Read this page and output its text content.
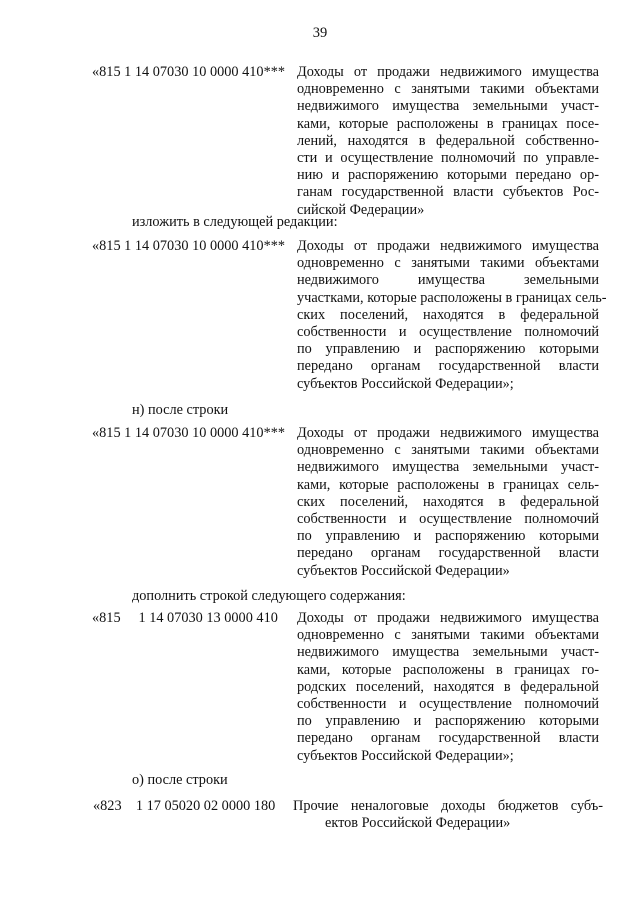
39
«815 1 14 07030 10 0000 410*** Доходы от продажи недвижимого имущества
одновременно с занятыми такими объектами
недвижимого имущества земельными участ-
ками, которые расположены в границах посе-
лений, находятся в федеральной собственно-
сти и осуществление полномочий по управле-
нию и распоряжению которыми передано ор-
ганам государственной власти субъектов Рос-
сийской Федерации»
изложить в следующей редакции:
«815 1 14 07030 10 0000 410*** Доходы от продажи недвижимого имущества
одновременно с занятыми такими объектами
недвижимого имущества земельными
участками, которые расположены в границах сель-
ских поселений, находятся в федеральной
собственности и осуществление полномочий
по управлению и распоряжению которыми
передано органам государственной власти
субъектов Российской Федерации»;
н) после строки
«815 1 14 07030 10 0000 410*** Доходы от продажи недвижимого имущества
одновременно с занятыми такими объектами
недвижимого имущества земельными участ-
ками, которые расположены в границах сель-
ских поселений, находятся в федеральной
собственности и осуществление полномочий
по управлению и распоряжению которыми
передано органам государственной власти
субъектов Российской Федерации»
дополнить строкой следующего содержания:
«815     1 14 07030 13 0000 410 Доходы от продажи недвижимого имущества
одновременно с занятыми такими объектами
недвижимого имущества земельными участ-
ками, которые расположены в границах го-
родских поселений, находятся в федеральной
собственности и осуществление полномочий
по управлению и распоряжению которыми
передано органам государственной власти
субъектов Российской Федерации»;
о) после строки
«823    1 17 05020 02 0000 180 Прочие неналоговые доходы бюджетов субъ-
ектов Российской Федерации»
